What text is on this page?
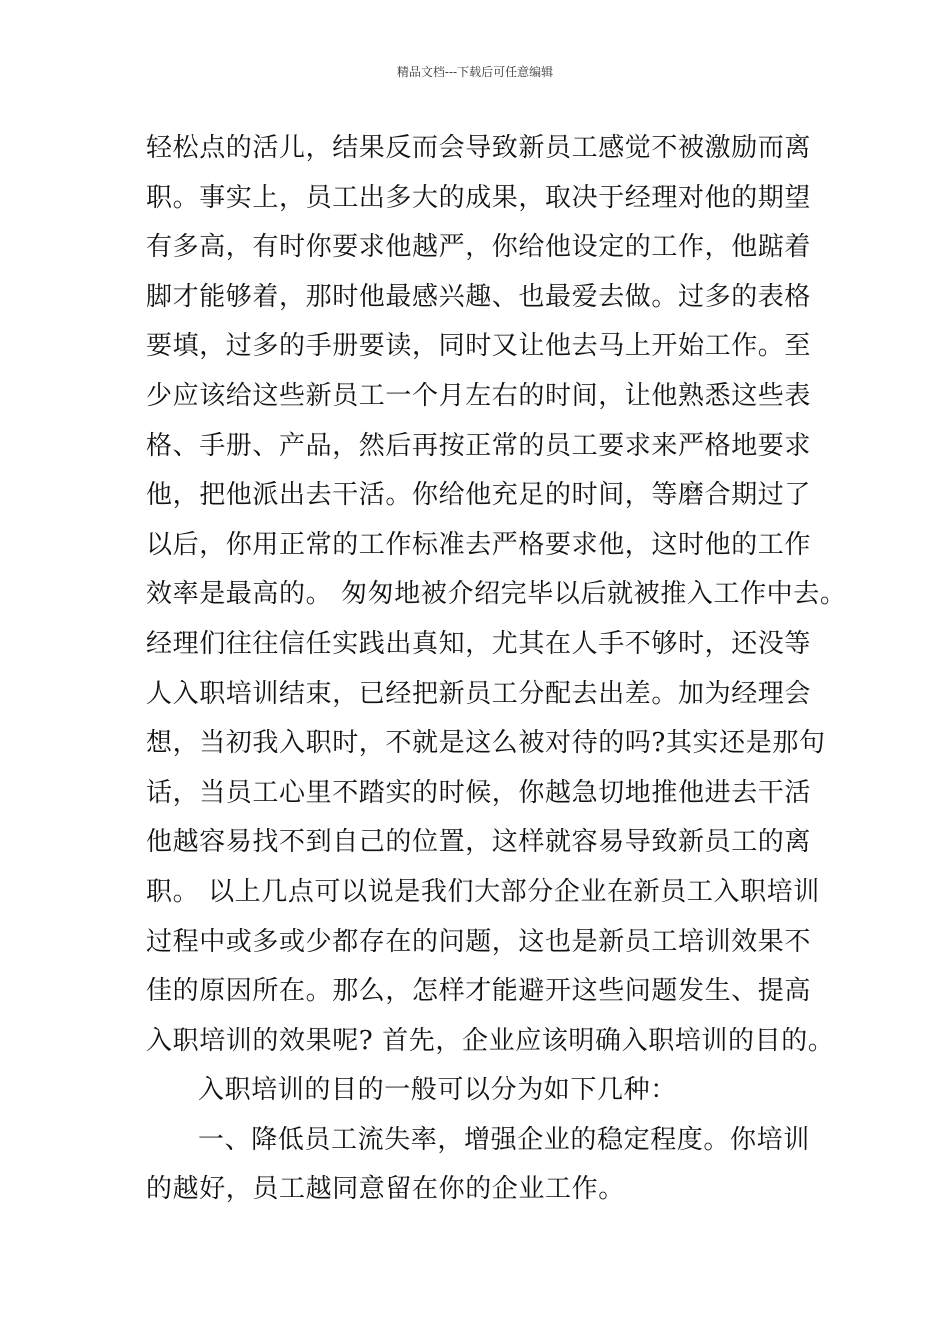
精品文档---下载后可任意编辑
轻松点的活儿，结果反而会导致新员工感觉不被激励而离
职。事实上，员工出多大的成果，取决于经理对他的期望
有多高，有时你要求他越严，你给他设定的工作，他踮着
脚才能够着，那时他最感兴趣、也最爱去做。过多的表格
要填，过多的手册要读，同时又让他去马上开始工作。至
少应该给这些新员工一个月左右的时间，让他熟悉这些表
格、手册、产品，然后再按正常的员工要求来严格地要求
他，把他派出去干活。你给他充足的时间，等磨合期过了
以后，你用正常的工作标准去严格要求他，这时他的工作
效率是最高的。 匆匆地被介绍完毕以后就被推入工作中去。
经理们往往信任实践出真知，尤其在人手不够时，还没等
人入职培训结束，已经把新员工分配去出差。加为经理会
想，当初我入职时，不就是这么被对待的吗?其实还是那句
话，当员工心里不踏实的时候，你越急切地推他进去干活
他越容易找不到自己的位置，这样就容易导致新员工的离
职。 以上几点可以说是我们大部分企业在新员工入职培训
过程中或多或少都存在的问题，这也是新员工培训效果不
佳的原因所在。那么，怎样才能避开这些问题发生、提高
入职培训的效果呢? 首先，企业应该明确入职培训的目的。
入职培训的目的一般可以分为如下几种：
一、降低员工流失率，增强企业的稳定程度。你培训
的越好，员工越同意留在你的企业工作。
